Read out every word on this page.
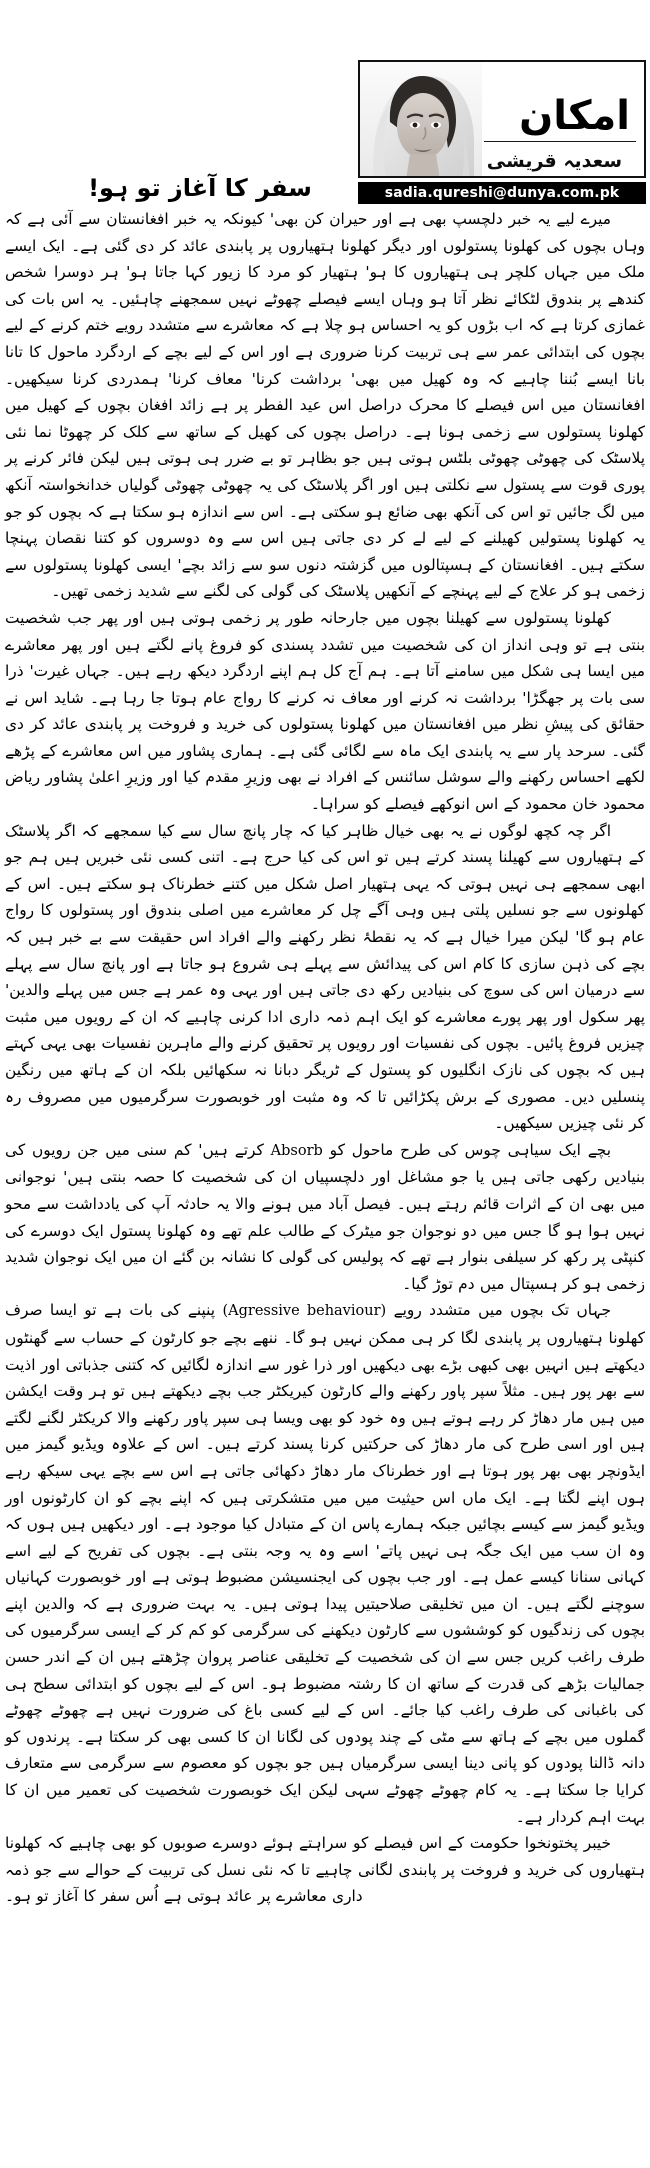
امکان
سعدیہ قریشی
sadia.qureshi@dunya.com.pk
سفر کا آغاز تو ہو!

میرے لیے یہ خبر دلچسپ بھی ہے اور حیران کن بھی' کیونکہ یہ خبر افغانستان سے آئی ہے کہ وہاں بچوں کی کھلونا پستولوں اور دیگر کھلونا ہتھیاروں پر پابندی عائد کر دی گئی ہے۔ ایک ایسے ملک میں جہاں کلچر ہی ہتھیاروں کا ہو' ہتھیار کو مرد کا زیور کہا جاتا ہو' ہر دوسرا شخص کندھے پر بندوق لٹکائے نظر آتا ہو وہاں ایسے فیصلے چھوٹے نہیں سمجھنے چاہئیں۔ یہ اس بات کی غمازی کرتا ہے کہ اب بڑوں کو یہ احساس ہو چلا ہے کہ معاشرے سے متشدد رویے ختم کرنے کے لیے بچوں کی ابتدائی عمر سے ہی تربیت کرنا ضروری ہے اور اس کے لیے بچے کے اردگرد ماحول کا تانا بانا ایسے بُننا چاہیے کہ وہ کھیل میں بھی' برداشت کرنا' معاف کرنا' ہمدردی کرنا سیکھیں۔ افغانستان میں اس فیصلے کا محرک دراصل اس عید الفطر پر ہے زائد افغان بچوں کے کھیل میں کھلونا پستولوں سے زخمی ہونا ہے۔ دراصل بچوں کی کھیل کے ساتھ سے کلک کر چھوٹا نما نئی پلاسٹک کی چھوٹی چھوٹی بلٹس ہوتی ہیں جو بظاہر تو بے ضرر ہی ہوتی ہیں لیکن فائر کرنے پر پوری قوت سے پستول سے نکلتی ہیں اور اگر پلاسٹک کی یہ چھوٹی چھوٹی گولیاں خدانخواستہ آنکھ میں لگ جائیں تو اس کی آنکھ بھی ضائع ہو سکتی ہے۔ اس سے اندازہ ہو سکتا ہے کہ بچوں کو جو یہ کھلونا پستولیں کھیلنے کے لیے لے کر دی جاتی ہیں اس سے وہ دوسروں کو کتنا نقصان پہنچا سکتے ہیں۔ افغانستان کے ہسپتالوں میں گزشتہ دنوں سو سے زائد بچے' ایسی کھلونا پستولوں سے زخمی ہو کر علاج کے لیے پہنچے کے آنکھیں پلاسٹک کی گولی کی لگنے سے شدید زخمی تھیں۔

کھلونا پستولوں سے کھیلنا بچوں میں جارحانہ طور پر زخمی ہوتی ہیں اور پھر جب شخصیت بنتی ہے تو وہی انداز ان کی شخصیت میں تشدد پسندی کو فروغ پانے لگتے ہیں اور پھر معاشرے میں ایسا ہی شکل میں سامنے آتا ہے۔ ہم آج کل ہم اپنے اردگرد دیکھ رہے ہیں۔ جہاں غیرت' ذرا سی بات پر جھگڑا' برداشت نہ کرنے اور معاف نہ کرنے کا رواج عام ہوتا جا رہا ہے۔ شاید اس نے حقائق کی پیشِ نظر میں افغانستان میں کھلونا پستولوں کی خرید و فروخت پر پابندی عائد کر دی گئی۔ سرحد پار سے یہ پابندی ایک ماہ سے لگائی گئی ہے۔ ہماری پشاور میں اس معاشرے کے پڑھے لکھے احساس رکھنے والے سوشل سائنس کے افراد نے بھی وزیرِ مقدم کیا اور وزیرِ اعلیٰ پشاور ریاض محمود خان محمود کے اس انوکھے فیصلے کو سراہا۔

اگر چہ کچھ لوگوں نے یہ بھی خیال ظاہر کیا کہ چار پانچ سال سے کیا سمجھے کہ اگر پلاسٹک کے ہتھیاروں سے کھیلنا پسند کرتے ہیں تو اس کی کیا حرج ہے۔ اتنی کسی نئی خبریں ہیں ہم جو ابھی سمجھے ہی نہیں ہوتی کہ یہی ہتھیار اصل شکل میں کتنے خطرناک ہو سکتے ہیں۔ اس کے کھلونوں سے جو نسلیں پلتی ہیں وہی آگے چل کر معاشرے میں اصلی بندوق اور پستولوں کا رواج عام ہو گا' لیکن میرا خیال ہے کہ یہ نقطۂ نظر رکھنے والے افراد اس حقیقت سے بے خبر ہیں کہ بچے کی ذہن سازی کا کام اس کی پیدائش سے پہلے ہی شروع ہو جاتا ہے اور پانچ سال سے پہلے سے درمیان اس کی سوچ کی بنیادیں رکھ دی جاتی ہیں اور یہی وہ عمر ہے جس میں پہلے والدین' پھر سکول اور پھر پورے معاشرے کو ایک اہم ذمہ داری ادا کرنی چاہیے کہ ان کے رویوں میں مثبت چیزیں فروغ پائیں۔ بچوں کی نفسیات اور رویوں پر تحقیق کرنے والے ماہرین نفسیات بھی یہی کہتے ہیں کہ بچوں کی نازک انگلیوں کو پستول کے ٹریگر دبانا نہ سکھائیں بلکہ ان کے ہاتھ میں رنگین پنسلیں دیں۔ مصوری کے برش پکڑائیں تا کہ وہ مثبت اور خوبصورت سرگرمیوں میں مصروف رہ کر نئی چیزیں سیکھیں۔

بچے ایک سیاہی چوس کی طرح ماحول کو Absorb کرتے ہیں' کم سنی میں جن رویوں کی بنیادیں رکھی جاتی ہیں یا جو مشاغل اور دلچسپیاں ان کی شخصیت کا حصہ بنتی ہیں' نوجوانی میں بھی ان کے اثرات قائم رہتے ہیں۔ فیصل آباد میں ہونے والا یہ حادثہ آپ کی یادداشت سے محو نہیں ہوا ہو گا جس میں دو نوجوان جو میٹرک کے طالب علم تھے وہ کھلونا پستول ایک دوسرے کی کنپٹی پر رکھ کر سیلفی بنوار ہے تھے کہ پولیس کی گولی کا نشانہ بن گئے ان میں ایک نوجوان شدید زخمی ہو کر ہسپتال میں دم توڑ گیا۔

جہاں تک بچوں میں متشدد رویے (Agressive behaviour) پنپنے کی بات ہے تو ایسا صرف کھلونا ہتھیاروں پر پابندی لگا کر ہی ممکن نہیں ہو گا۔ ننھے بچے جو کارٹون کے حساب سے گھنٹوں دیکھتے ہیں انہیں بھی کبھی بڑے بھی دیکھیں اور ذرا غور سے اندازہ لگائیں کہ کتنی جذباتی اور اذیت سے بھر پور ہیں۔ مثلاً سپر پاور رکھنے والے کارٹون کیریکٹر جب بچے دیکھتے ہیں تو ہر وقت ایکشن میں ہیں مار دھاڑ کر رہے ہوتے ہیں وہ خود کو بھی ویسا ہی سپر پاور رکھنے والا کریکٹر لگنے لگتے ہیں اور اسی طرح کی مار دھاڑ کی حرکتیں کرنا پسند کرتے ہیں۔ اس کے علاوہ ویڈیو گیمز میں ایڈونچر بھی بھر پور ہوتا ہے اور خطرناک مار دھاڑ دکھائی جاتی ہے اس سے بچے یہی سیکھ رہے ہوں اپنے لگتا ہے۔ ایک ماں اس حیثیت میں میں متشکرتی ہیں کہ اپنے بچے کو ان کارٹونوں اور ویڈیو گیمز سے کیسے بچائیں جبکہ ہمارے پاس ان کے متبادل کیا موجود ہے۔ اور دیکھیں ہیں ہوں کہ وہ ان سب میں ایک جگہ ہی نہیں پاتے' اسے وہ یہ وجہ بنتی ہے۔ بچوں کی تفریح کے لیے اسے کہانی سنانا کیسے عمل ہے۔ اور جب بچوں کی ایجنسیشن مضبوط ہوتی ہے اور خوبصورت کہانیاں سوچنے لگتے ہیں۔ ان میں تخلیقی صلاحیتیں پیدا ہوتی ہیں۔ یہ بہت ضروری ہے کہ والدین اپنے بچوں کی زندگیوں کو کوششوں سے کارٹون دیکھنے کی سرگرمی کو کم کر کے ایسی سرگرمیوں کی طرف راغب کریں جس سے ان کی شخصیت کے تخلیقی عناصر پروان چڑھتے ہیں ان کے اندر حسن جمالیات بڑھے کی قدرت کے ساتھ ان کا رشتہ مضبوط ہو۔ اس کے لیے بچوں کو ابتدائی سطح ہی کی باغبانی کی طرف راغب کیا جائے۔ اس کے لیے کسی باغ کی ضرورت نہیں ہے چھوٹے چھوٹے گملوں میں بچے کے ہاتھ سے مٹی کے چند پودوں کی لگانا ان کا کسی بھی کر سکتا ہے۔ پرندوں کو دانہ ڈالنا پودوں کو پانی دینا ایسی سرگرمیاں ہیں جو بچوں کو معصوم سے سرگرمی سے متعارف کرایا جا سکتا ہے۔ یہ کام چھوٹے چھوٹے سہی لیکن ایک خوبصورت شخصیت کی تعمیر میں ان کا بہت اہم کردار ہے۔

خیبر پختونخوا حکومت کے اس فیصلے کو سراہتے ہوئے دوسرے صوبوں کو بھی چاہیے کہ کھلونا ہتھیاروں کی خرید و فروخت پر پابندی لگانی چاہیے تا کہ نئی نسل کی تربیت کے حوالے سے جو ذمہ داری معاشرے پر عائد ہوتی ہے اُس سفر کا آغاز تو ہو۔
